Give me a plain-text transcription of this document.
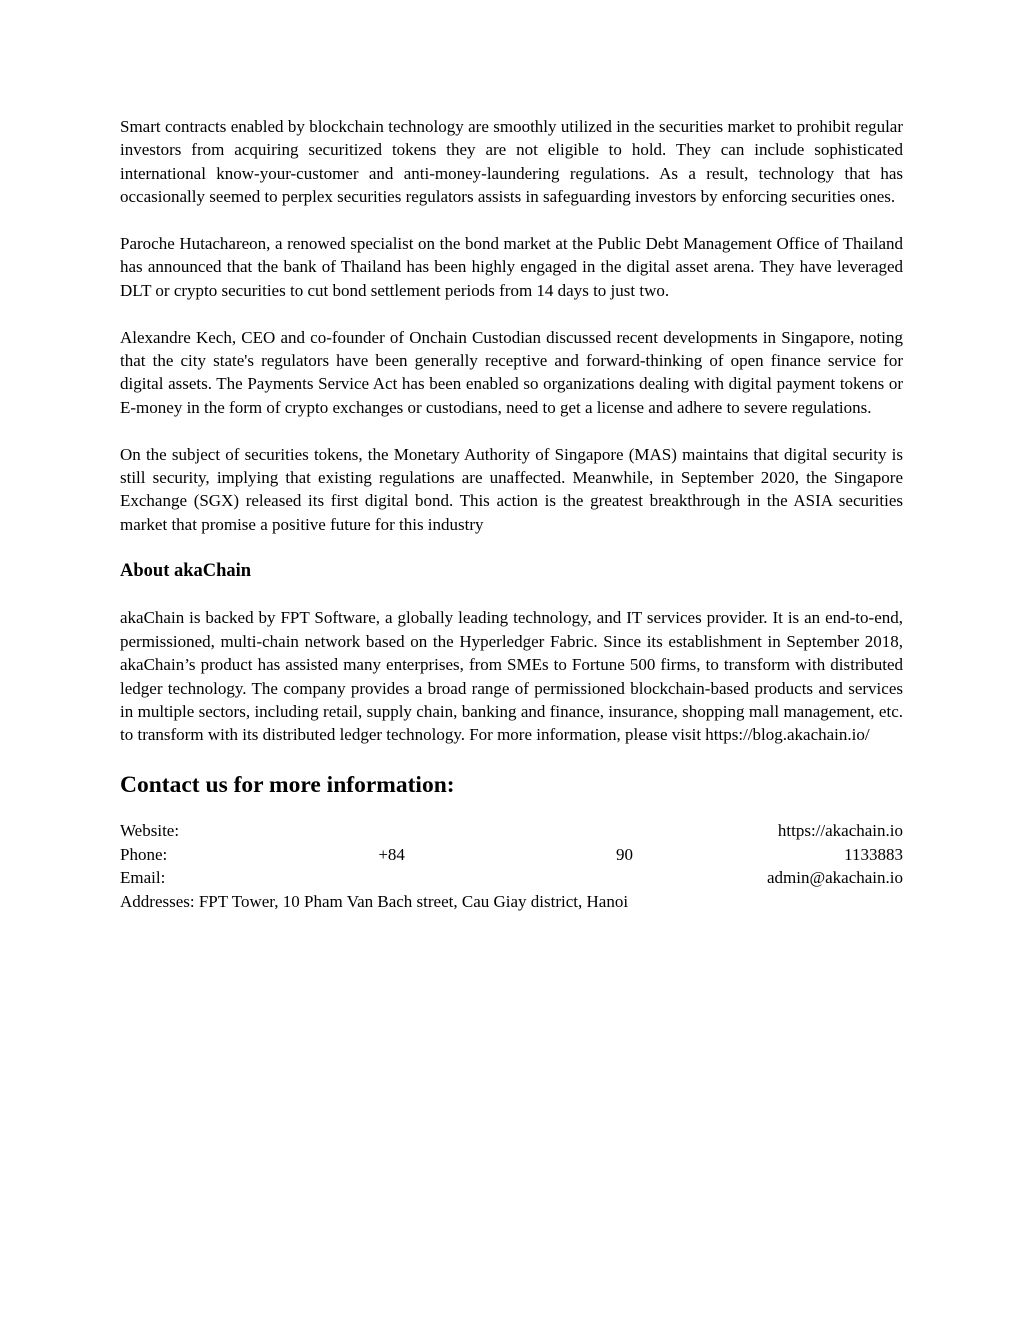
Smart contracts enabled by blockchain technology are smoothly utilized in the securities market to prohibit regular investors from acquiring securitized tokens they are not eligible to hold. They can include sophisticated international know-your-customer and anti-money-laundering regulations. As a result, technology that has occasionally seemed to perplex securities regulators assists in safeguarding investors by enforcing securities ones.

Paroche Hutachareon, a renowed specialist on the bond market at the Public Debt Management Office of Thailand has announced that the bank of Thailand has been highly engaged in the digital asset arena. They have leveraged DLT or crypto securities to cut bond settlement periods from 14 days to just two.

Alexandre Kech, CEO and co-founder of Onchain Custodian discussed recent developments in Singapore, noting that the city state's regulators have been generally receptive and forward-thinking of open finance service for digital assets. The Payments Service Act has been enabled so organizations dealing with digital payment tokens or E-money in the form of crypto exchanges or custodians, need to get a license and adhere to severe regulations.

On the subject of securities tokens, the Monetary Authority of Singapore (MAS) maintains that digital security is still security, implying that existing regulations are unaffected. Meanwhile, in September 2020, the Singapore Exchange (SGX) released its first digital bond. This action is the greatest breakthrough in the ASIA securities market that promise a positive future for this industry

About akaChain

akaChain is backed by FPT Software, a globally leading technology, and IT services provider. It is an end-to-end, permissioned, multi-chain network based on the Hyperledger Fabric. Since its establishment in September 2018, akaChain’s product has assisted many enterprises, from SMEs to Fortune 500 firms, to transform with distributed ledger technology. The company provides a broad range of permissioned blockchain-based products and services in multiple sectors, including retail, supply chain, banking and finance, insurance, shopping mall management, etc. to transform with its distributed ledger technology. For more information, please visit https://blog.akachain.io/

Contact us for more information:
Website:	https://akachain.io
Phone:	+84	90	1133883
Email:	admin@akachain.io
Addresses: FPT Tower, 10 Pham Van Bach street, Cau Giay district, Hanoi
